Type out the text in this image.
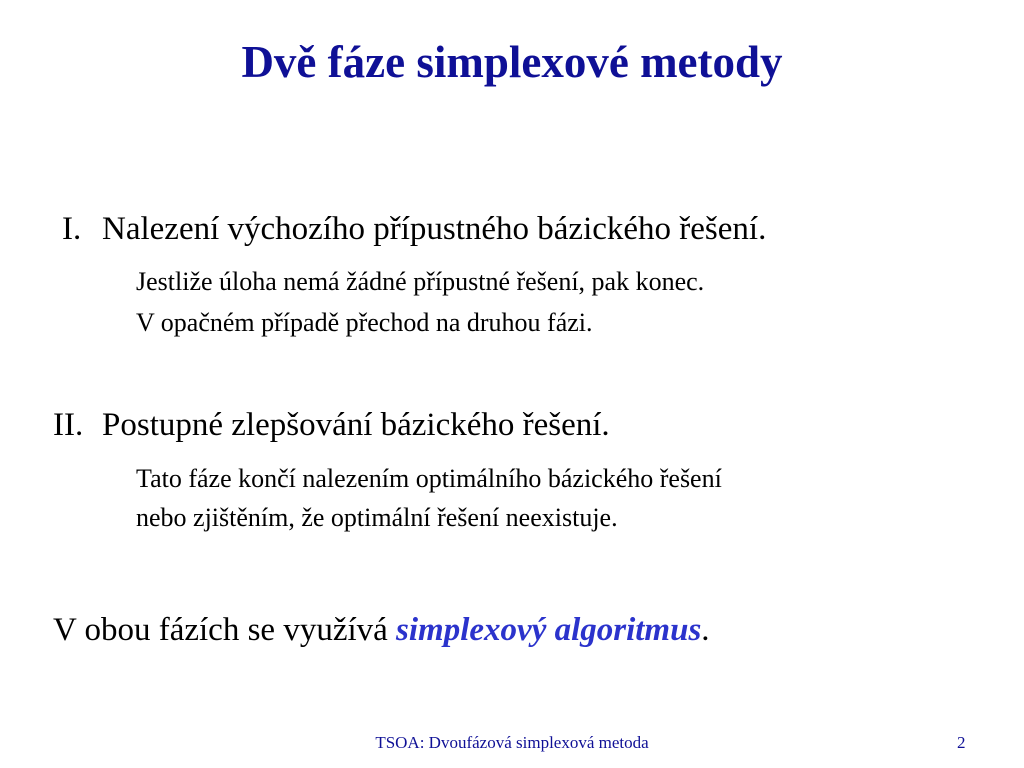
Dvě fáze simplexové metody
I. Nalezení výchozího přípustného bázického řešení.
Jestliže úloha nemá žádné přípustné řešení, pak konec.
V opačném případě přechod na druhou fázi.
II. Postupné zlepšování bázického řešení.
Tato fáze končí nalezením optimálního bázického řešení
nebo zjištěním, že optimální řešení neexistuje.
V obou fázích se využívá simplexový algoritmus.
TSOA: Dvoufázová simplexová metoda	2
